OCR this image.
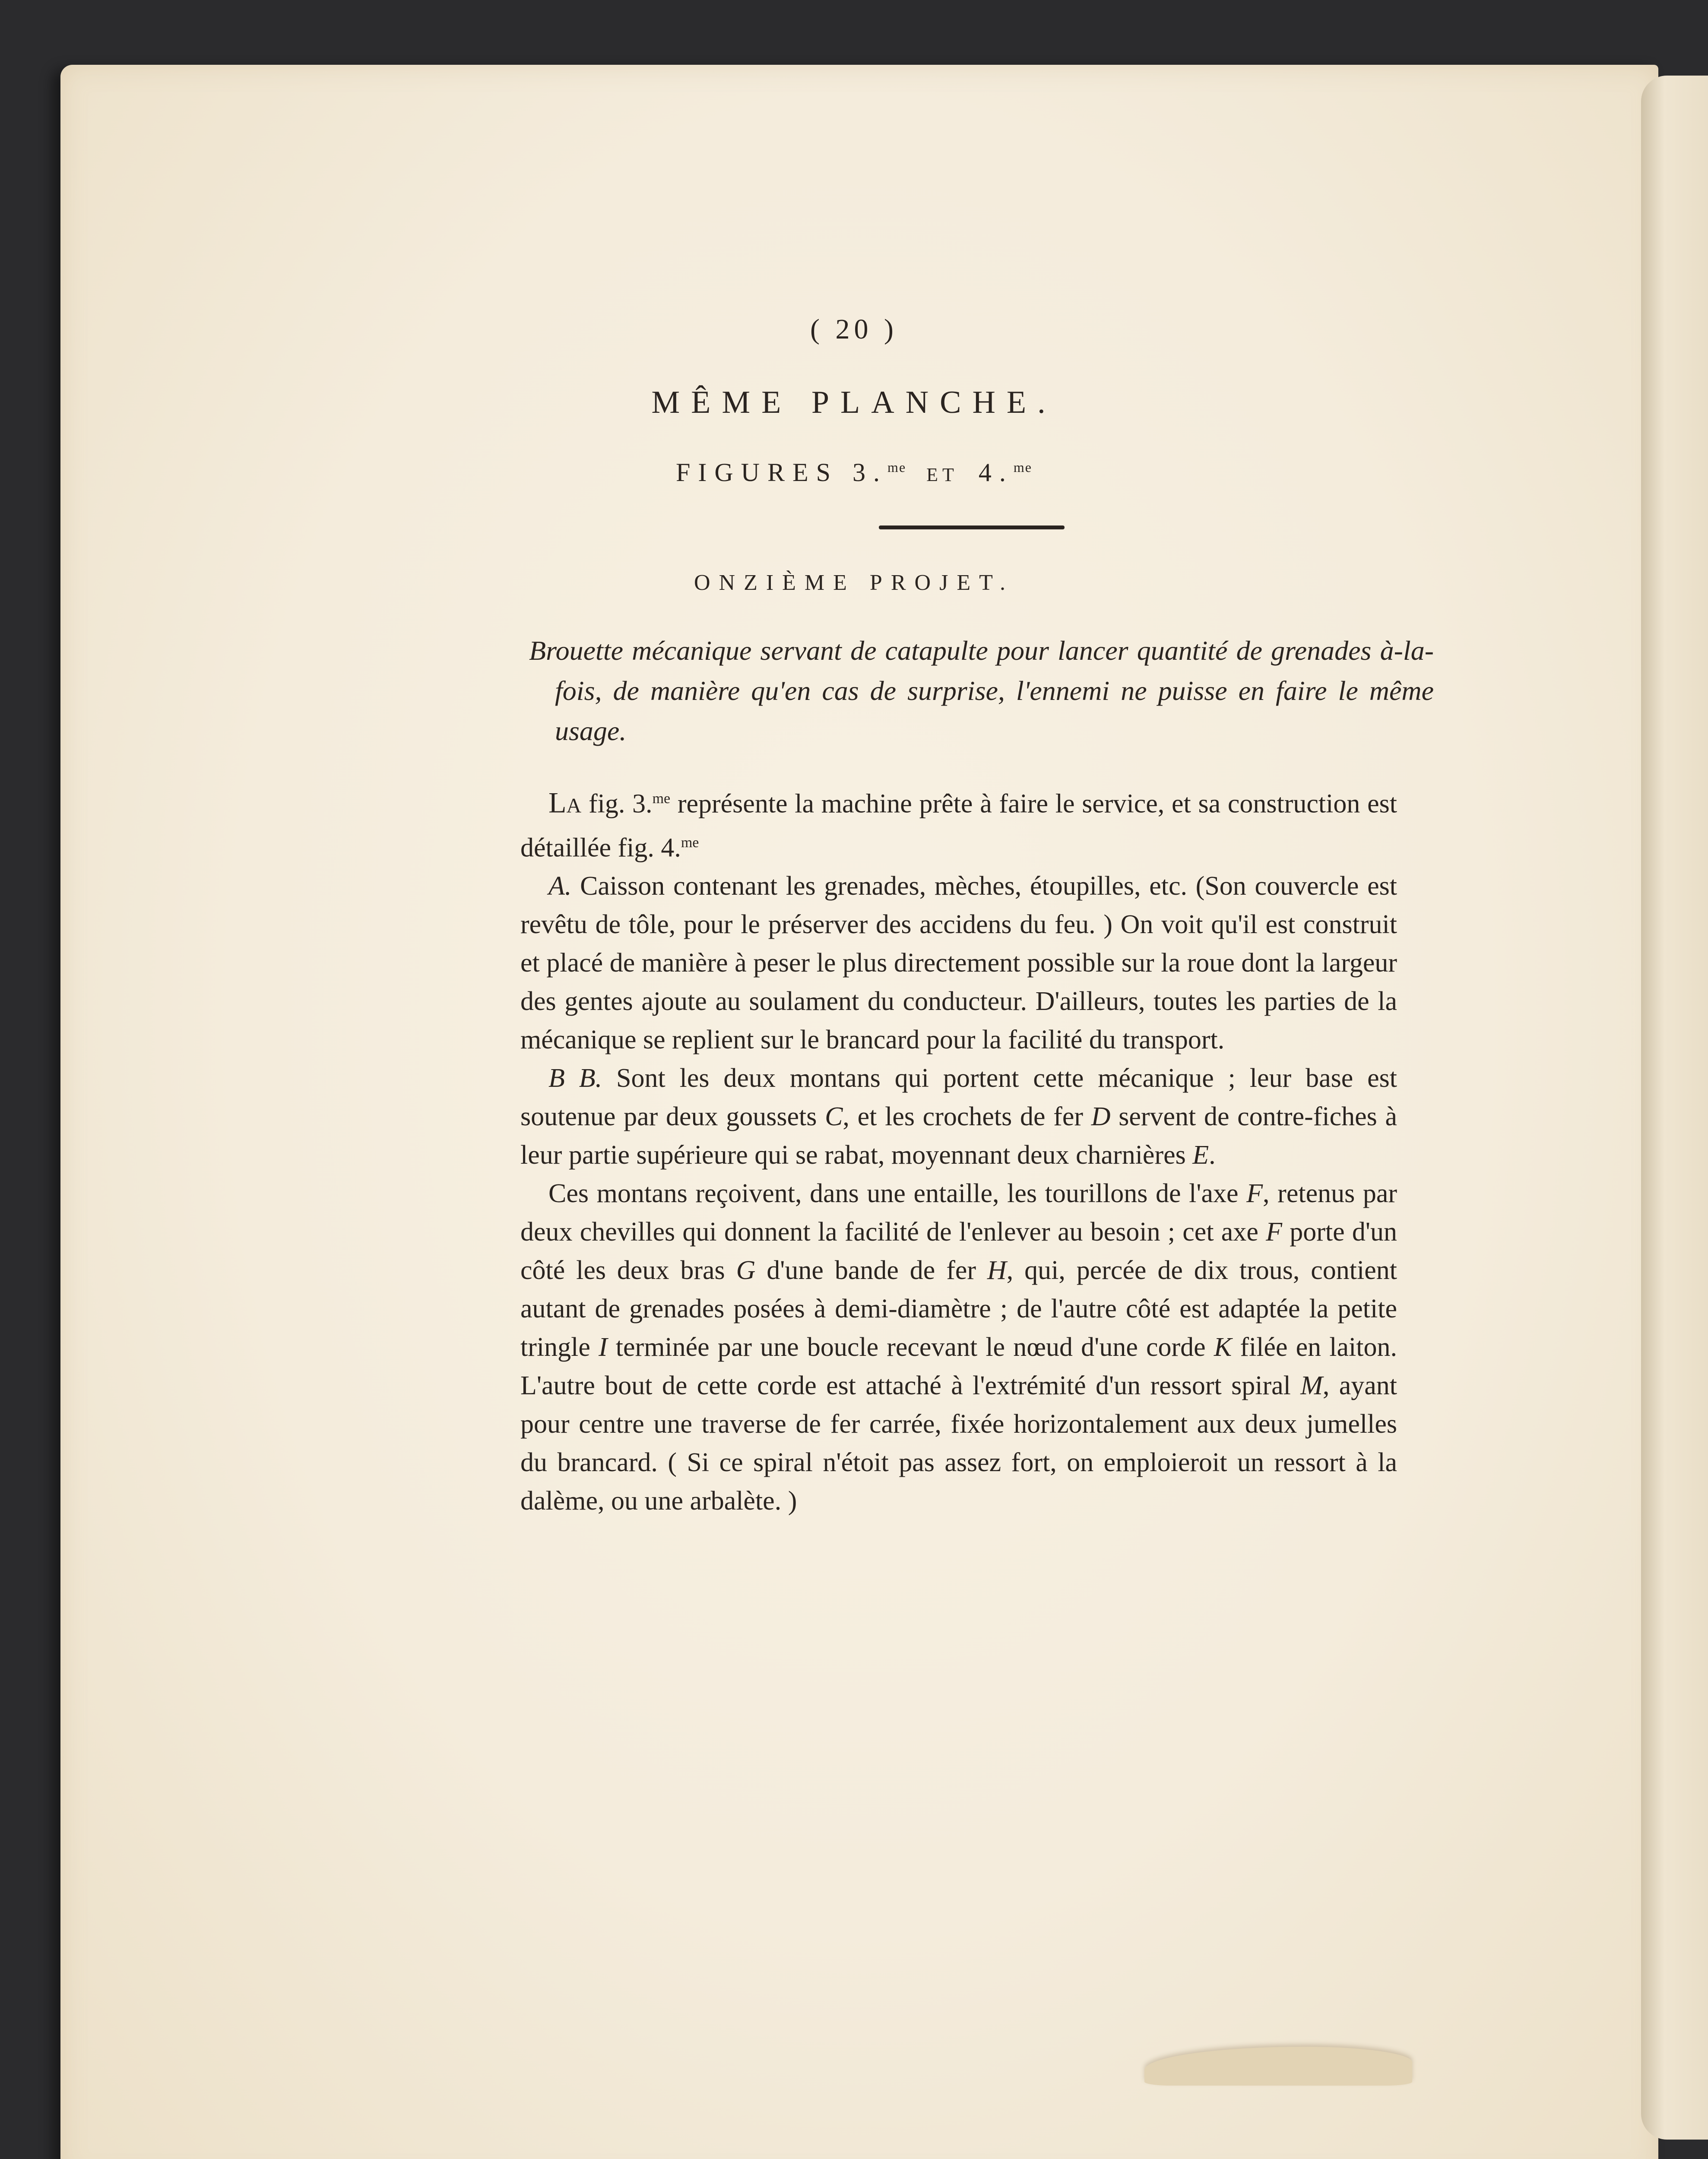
( 20 )
MÊME PLANCHE.
FIGURES 3.$^{me}$ ET 4.$^{me}$
ONZIÈME PROJET.
Brouette mécanique servant de catapulte pour lancer quantité de grenades à-la-fois, de manière qu'en cas de surprise, l'ennemi ne puisse en faire le même usage.

La fig. 3.$^{me}$ représente la machine prête à faire le service, et sa construction est détaillée fig. 4.$^{me}$

A. Caisson contenant les grenades, mèches, étoupilles, etc. (Son couvercle est revêtu de tôle, pour le préserver des accidens du feu. ) On voit qu'il est construit et placé de manière à peser le plus directement possible sur la roue dont la largeur des gentes ajoute au soulament du conducteur. D'ailleurs, toutes les parties de la mécanique se replient sur le brancard pour la facilité du transport.

B B. Sont les deux montans qui portent cette mécanique ; leur base est soutenue par deux goussets C, et les crochets de fer D servent de contre-fiches à leur partie supérieure qui se rabat, moyennant deux charnières E.

Ces montans reçoivent, dans une entaille, les tourillons de l'axe F, retenus par deux chevilles qui donnent la facilité de l'enlever au besoin ; cet axe F porte d'un côté les deux bras G d'une bande de fer H, qui, percée de dix trous, contient autant de grenades posées à demi-diamètre ; de l'autre côté est adaptée la petite tringle I terminée par une boucle recevant le nœud d'une corde K filée en laiton. L'autre bout de cette corde est attaché à l'extrémité d'un ressort spiral M, ayant pour centre une traverse de fer carrée, fixée horizontalement aux deux jumelles du brancard. ( Si ce spiral n'étoit pas assez fort, on emploieroit un ressort à la dalème, ou une arbalète. )
